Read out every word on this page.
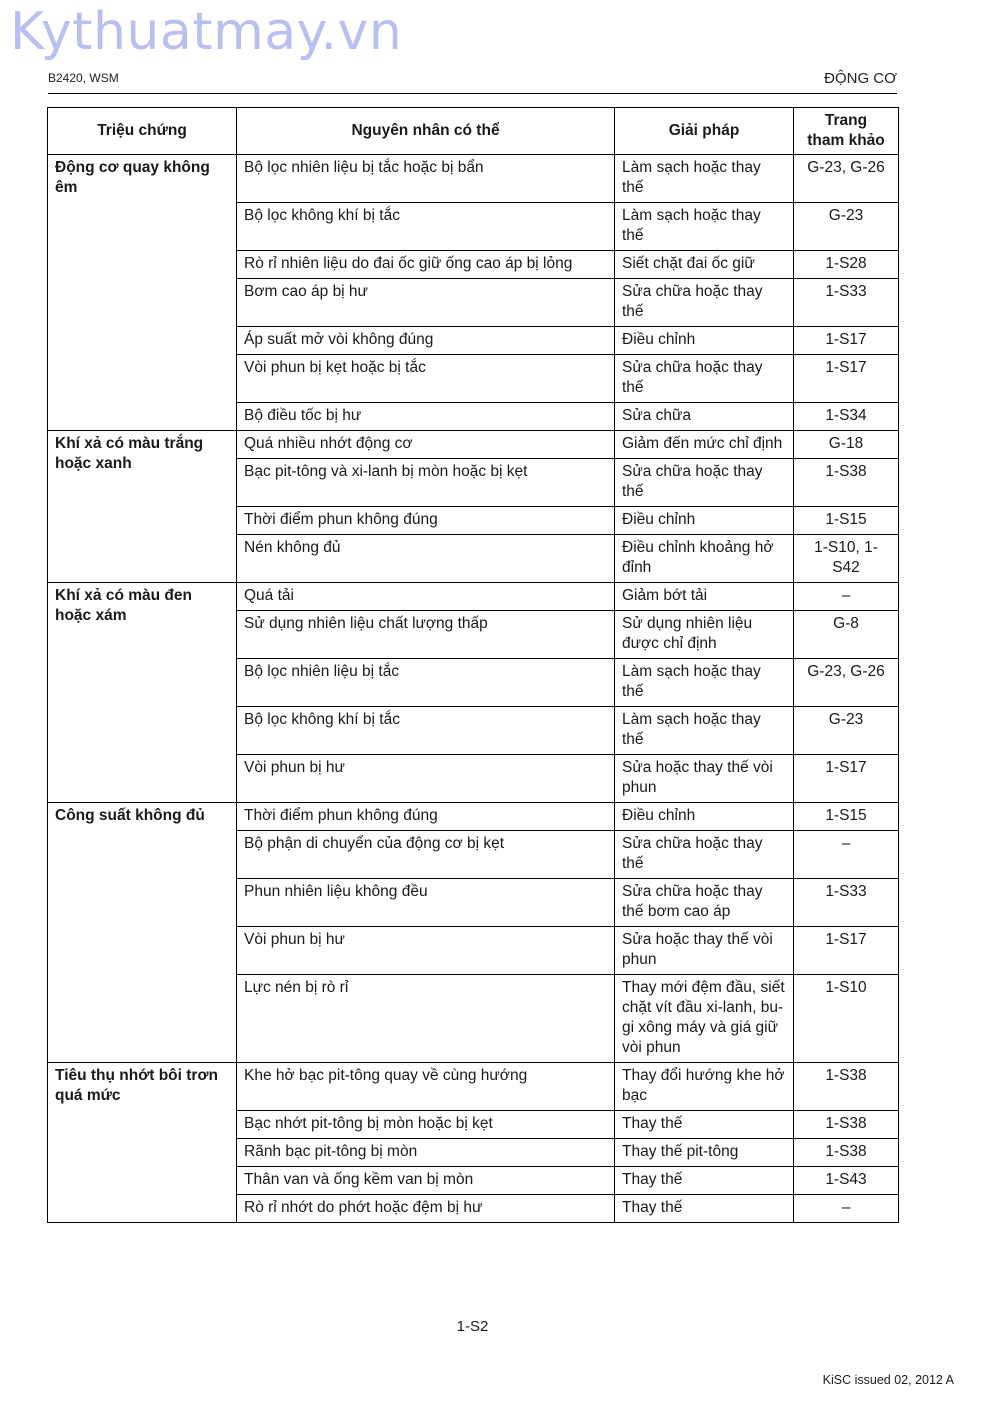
Kythuatmay.vn
B2420, WSM	ĐỘNG CƠ
Triệu chứng	Nguyên nhân có thể	Giải pháp	Trang tham khảo
Động cơ quay không êm	Bộ lọc nhiên liệu bị tắc hoặc bị bẩn	Làm sạch hoặc thay thế	G-23, G-26
	Bộ lọc không khí bị tắc	Làm sạch hoặc thay thế	G-23
	Rò rỉ nhiên liệu do đai ốc giữ ống cao áp bị lỏng	Siết chặt đai ốc giữ	1-S28
	Bơm cao áp bị hư	Sửa chữa hoặc thay thế	1-S33
	Áp suất mở vòi không đúng	Điều chỉnh	1-S17
	Vòi phun bị kẹt hoặc bị tắc	Sửa chữa hoặc thay thế	1-S17
	Bộ điều tốc bị hư	Sửa chữa	1-S34
Khí xả có màu trắng hoặc xanh	Quá nhiều nhớt động cơ	Giảm đến mức chỉ định	G-18
	Bạc pit-tông và xi-lanh bị mòn hoặc bị kẹt	Sửa chữa hoặc thay thế	1-S38
	Thời điểm phun không đúng	Điều chỉnh	1-S15
	Nén không đủ	Điều chỉnh khoảng hở đỉnh	1-S10, 1-S42
Khí xả có màu đen hoặc xám	Quá tải	Giảm bớt tải	–
	Sử dụng nhiên liệu chất lượng thấp	Sử dụng nhiên liệu được chỉ định	G-8
	Bộ lọc nhiên liệu bị tắc	Làm sạch hoặc thay thế	G-23, G-26
	Bộ lọc không khí bị tắc	Làm sạch hoặc thay thế	G-23
	Vòi phun bị hư	Sửa hoặc thay thế vòi phun	1-S17
Công suất không đủ	Thời điểm phun không đúng	Điều chỉnh	1-S15
	Bộ phận di chuyển của động cơ bị kẹt	Sửa chữa hoặc thay thế	–
	Phun nhiên liệu không đều	Sửa chữa hoặc thay thế bơm cao áp	1-S33
	Vòi phun bị hư	Sửa hoặc thay thế vòi phun	1-S17
	Lực nén bị rò rỉ	Thay mới đệm đầu, siết chặt vít đầu xi-lanh, bu-gi xông máy và giá giữ vòi phun	1-S10
Tiêu thụ nhớt bôi trơn quá mức	Khe hở bạc pit-tông quay về cùng hướng	Thay đổi hướng khe hở bạc	1-S38
	Bạc nhớt pit-tông bị mòn hoặc bị kẹt	Thay thế	1-S38
	Rãnh bạc pit-tông bị mòn	Thay thế pit-tông	1-S38
	Thân van và ống kềm van bị mòn	Thay thế	1-S43
	Rò rỉ nhớt do phớt hoặc đệm bị hư	Thay thế	–
1-S2
KiSC issued 02, 2012 A
